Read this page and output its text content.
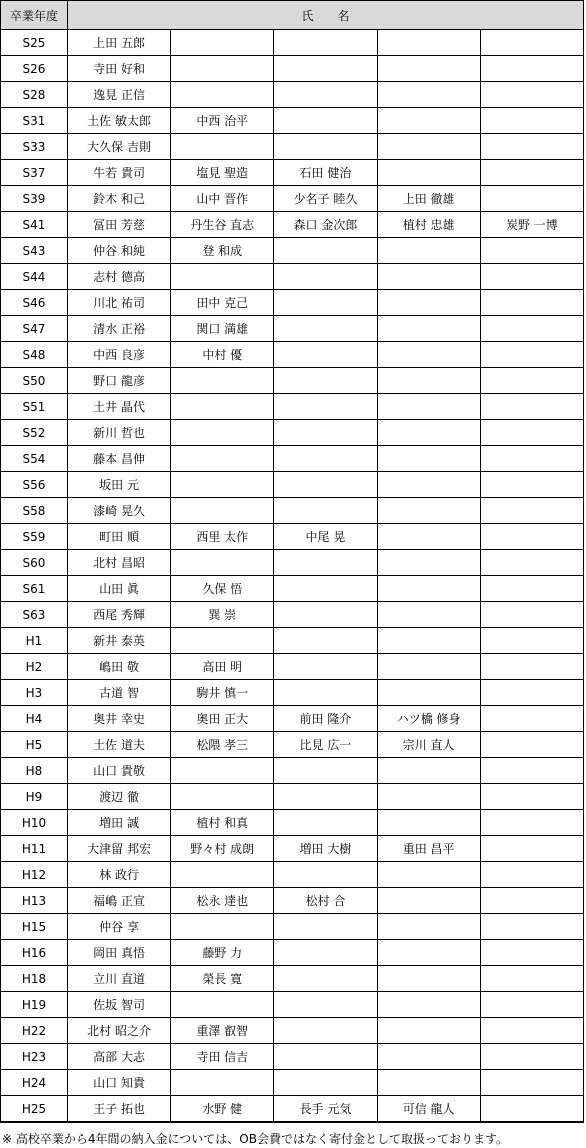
卒業年度	氏　　名				
S25	上田 五郎				
S26	寺田 好和				
S28	逸見 正信				
S31	土佐 敏太郎	中西 治平			
S33	大久保 吉則				
S37	牛若 貴司	塩見 聖造	石田 健治		
S39	鈴木 和己	山中 晋作	少名子 睦久	上田 徹雄	
S41	冨田 芳慈	丹生谷 直志	森口 金次郎	植村 忠雄	炭野 一博
S43	仲谷 和純	登 和成			
S44	志村 德高				
S46	川北 祐司	田中 克己			
S47	清水 正裕	関口 満雄			
S48	中西 良彦	中村 優			
S50	野口 龍彦				
S51	土井 晶代				
S52	新川 哲也				
S54	藤本 昌伸				
S56	坂田 元				
S58	漆崎 晃久				
S59	町田 順	西里 太作	中尾 晃		
S60	北村 昌昭				
S61	山田 眞	久保 悟			
S63	西尾 秀輝	巽 崇			
H1	新井 泰英				
H2	嶋田 敬	高田 明			
H3	古道 智	駒井 慎一			
H4	奥井 幸史	奥田 正大	前田 隆介	ハツ橋 修身	
H5	土佐 道夫	松隈 孝三	比見 広一	宗川 直人	
H8	山口 貴敬				
H9	渡辺 徹				
H10	増田 誠	植村 和真			
H11	大津留 邦宏	野々村 成朗	増田 大樹	重田 昌平	
H12	林 政行				
H13	福嶋 正宣	松永 達也	松村 合		
H15	仲谷 享				
H16	岡田 真悟	藤野 力			
H18	立川 直道	榮長 寛			
H19	佐坂 智司				
H22	北村 昭之介	重澤 叡智			
H23	高部 大志	寺田 信吉			
H24	山口 知貴				
H25	王子 拓也	水野 健	長手 元気	可信 龍人	
※ 高校卒業から4年間の納入金については、OB会費ではなく寄付金として取扱っております。
